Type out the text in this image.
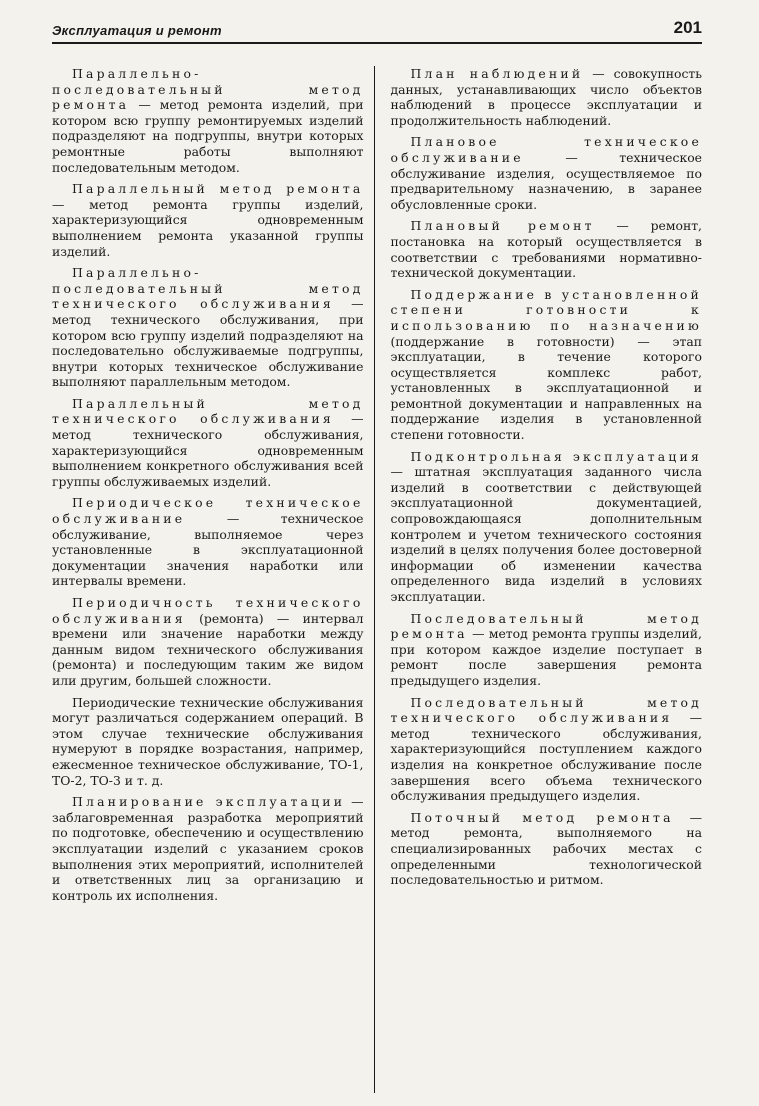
Эксплуатация и ремонт	201

Параллельно-последовательный метод ремонта — метод ремонта изделий, при котором всю группу ремонтируемых изделий подразделяют на подгруппы, внутри которых ремонтные работы выполняют последовательным методом.

Параллельный метод ремонта — метод ремонта группы изделий, характеризующийся одновременным выполнением ремонта указанной группы изделий.

Параллельно-последовательный метод технического обслуживания — метод технического обслуживания, при котором всю группу изделий подразделяют на последовательно обслуживаемые подгруппы, внутри которых техническое обслуживание выполняют параллельным методом.

Параллельный метод технического обслуживания — метод технического обслуживания, характеризующийся одновременным выполнением конкретного обслуживания всей группы обслуживаемых изделий.

Периодическое техническое обслуживание — техническое обслуживание, выполняемое через установленные в эксплуатационной документации значения наработки или интервалы времени.

Периодичность технического обслуживания (ремонта) — интервал времени или значение наработки между данным видом технического обслуживания (ремонта) и последующим таким же видом или другим, большей сложности.

Периодические технические обслуживания могут различаться содержанием операций. В этом случае технические обслуживания нумеруют в порядке возрастания, например, ежесменное техническое обслуживание, ТО-1, ТО-2, ТО-3 и т. д.

Планирование эксплуатации — заблаговременная разработка мероприятий по подготовке, обеспечению и осуществлению эксплуатации изделий с указанием сроков выполнения этих мероприятий, исполнителей и ответственных лиц за организацию и контроль их исполнения.

План наблюдений — совокупность данных, устанавливающих число объектов наблюдений в процессе эксплуатации и продолжительность наблюдений.

Плановое техническое обслуживание — техническое обслуживание изделия, осуществляемое по предварительному назначению, в заранее обусловленные сроки.

Плановый ремонт — ремонт, постановка на который осуществляется в соответствии с требованиями нормативно-технической документации.

Поддержание в установленной степени готовности к использованию по назначению (поддержание в готовности) — этап эксплуатации, в течение которого осуществляется комплекс работ, установленных в эксплуатационной и ремонтной документации и направленных на поддержание изделия в установленной степени готовности.

Подконтрольная эксплуатация — штатная эксплуатация заданного числа изделий в соответствии с действующей эксплуатационной документацией, сопровождающаяся дополнительным контролем и учетом технического состояния изделий в целях получения более достоверной информации об изменении качества определенного вида изделий в условиях эксплуатации.

Последовательный метод ремонта — метод ремонта группы изделий, при котором каждое изделие поступает в ремонт после завершения ремонта предыдущего изделия.

Последовательный метод технического обслуживания — метод технического обслуживания, характеризующийся поступлением каждого изделия на конкретное обслуживание после завершения всего объема технического обслуживания предыдущего изделия.

Поточный метод ремонта — метод ремонта, выполняемого на специализированных рабочих местах с определенными технологической последовательностью и ритмом.
